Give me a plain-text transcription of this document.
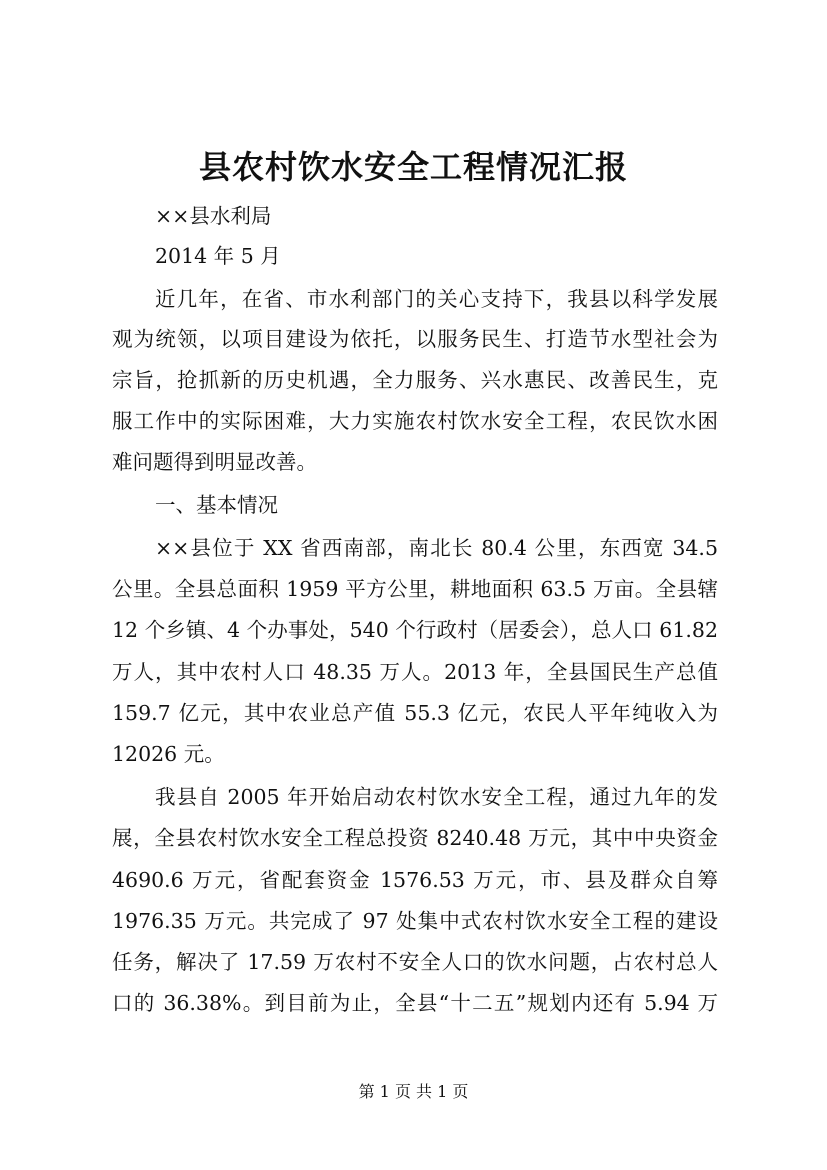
县农村饮水安全工程情况汇报
××县水利局
2014 年 5 月
近几年，在省、市水利部门的关心支持下，我县以科学发展
观为统领，以项目建设为依托，以服务民生、打造节水型社会为
宗旨，抢抓新的历史机遇，全力服务、兴水惠民、改善民生，克
服工作中的实际困难，大力实施农村饮水安全工程，农民饮水困
难问题得到明显改善。
一、基本情况
××县位于 XX 省西南部，南北长 80.4 公里，东西宽 34.5
公里。全县总面积 1959 平方公里，耕地面积 63.5 万亩。全县辖
12 个乡镇、4 个办事处，540 个行政村（居委会），总人口 61.82
万人，其中农村人口 48.35 万人。2013 年，全县国民生产总值
159.7 亿元，其中农业总产值 55.3 亿元，农民人平年纯收入为
12026 元。
我县自 2005 年开始启动农村饮水安全工程，通过九年的发
展，全县农村饮水安全工程总投资 8240.48 万元，其中中央资金
4690.6 万元，省配套资金 1576.53 万元，市、县及群众自筹
1976.35 万元。共完成了 97 处集中式农村饮水安全工程的建设
任务，解决了 17.59 万农村不安全人口的饮水问题，占农村总人
口的 36.38%。到目前为止，全县“十二五”规划内还有 5.94 万
第 1 页 共 1 页
